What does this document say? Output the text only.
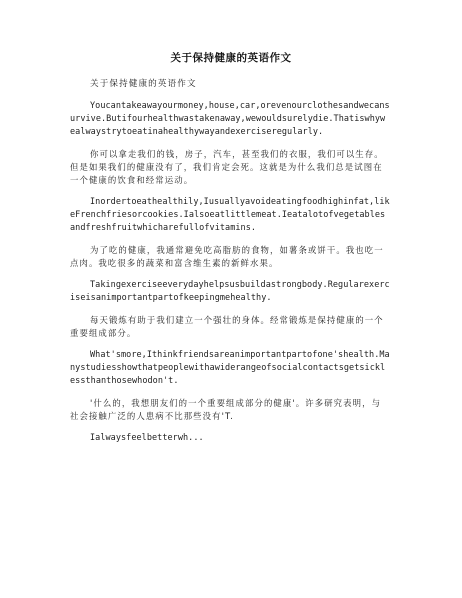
关于保持健康的英语作文

关于保持健康的英语作文

Youcantakeawayourmoney,house,car,orevenourclothesandwecansurvive.Butifourhealthwastakenaway,wewouldsurelydie.Thatiswhywealwaystrytoeatinahealthywayandexerciseregularly.

你可以拿走我们的钱，房子，汽车，甚至我们的衣服，我们可以生存。但是如果我们的健康没有了，我们肯定会死。这就是为什么我们总是试图在一个健康的饮食和经常运动。

Inordertoeathealthily,Iusuallyavoideatingfoodhighinfat,likeFrenchfriesorcookies.Ialsoeatlittlemeat.Ieatalotofvegetablesandfreshfruitwhicharefullofvitamins.

为了吃的健康，我通常避免吃高脂肪的食物，如薯条或饼干。我也吃一点肉。我吃很多的蔬菜和富含维生素的新鲜水果。

Takingexerciseeverydayhelpsusbuildastrongbody.Regularexerciseisanimportantpartofkeepingmehealthy.

每天锻炼有助于我们建立一个强壮的身体。经常锻炼是保持健康的一个重要组成部分。

What'smore,Ithinkfriendsareanimportantpartofone'shealth.Manystudiesshowthatpeoplewithawiderangeofsocialcontactsgetsicklessthanthosewhodon't.

'什么的，我想朋友们的一个重要组成部分的健康'。许多研究表明，与社会接触广泛的人患病不比那些没有'T.

Ialwaysfeelbetterwh...
